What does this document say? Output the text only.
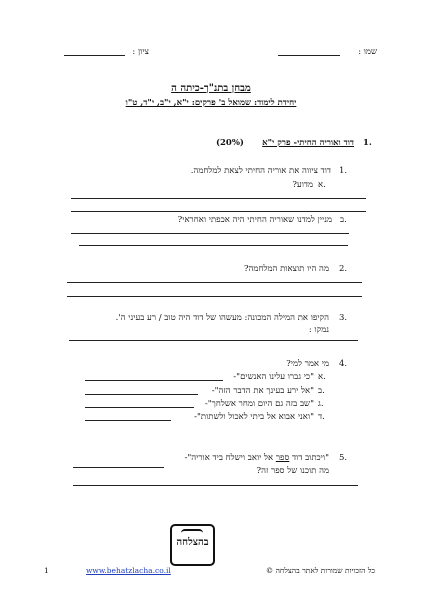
שמו :
ציון :
מבחן בתנ"ך-כיתה ה
יחידת לימוד: שמואל ב' פרקים: י"א, י"ב, י"ד, ט"ו
1.
דוד ואוריה החיתי- פרק י"א
(20%)
1.
דוד ציווה את אוריה החיתי לצאת למלחמה.
א.
מדוע?
ב.
מניין למדנו שאוריה החיתי היה אכפתי ואחראי?
2.
מה היו תוצאות המלחמה?
3.
הקיפו את המילה המכונה: מעשהו של דוד היה טוב / רע בעיני ה'.
נמקו :
4.
מי אמר למי?
א.
"כי גברו עלינו האנשים"-
ב.
"אל ירע בעינך את הדבר הזה"-
ג.
"שב בזה גם היום ומחר אשלחך"-
ד.
"ואני אבוא אל ביתי לאכול ולשתות"-
5.
"ויכתוב דוד ספר אל יואב וישלח ביד אוריה"-
מה תוכנו של ספר זה?
בהצלחה
1	www.behatzlacha.co.il	כל הזכויות שמורות לאתר בהצלחה ©
